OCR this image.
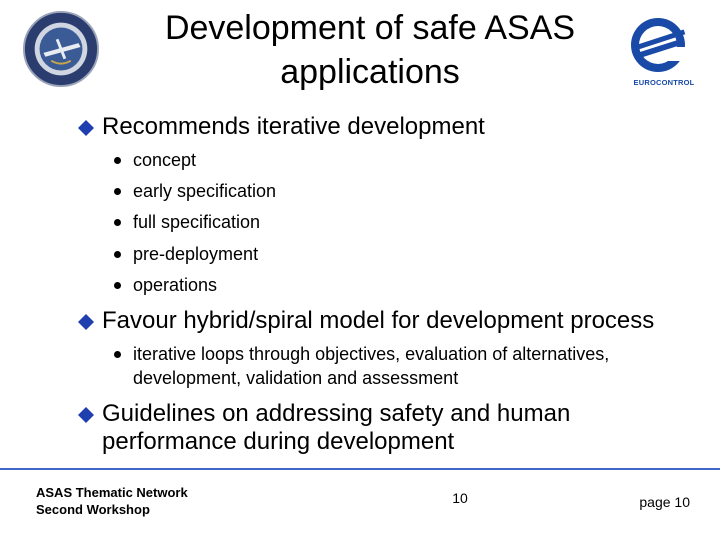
Development of safe ASAS
applications	EUROCONTROL
Recommends iterative development
concept
early specification
full specification
pre-deployment
operations
Favour hybrid/spiral model for development process
iterative loops through objectives, evaluation of alternatives, development, validation and assessment
Guidelines on addressing safety and human performance during development
ASAS Thematic Network
Second Workshop
10	page 10
